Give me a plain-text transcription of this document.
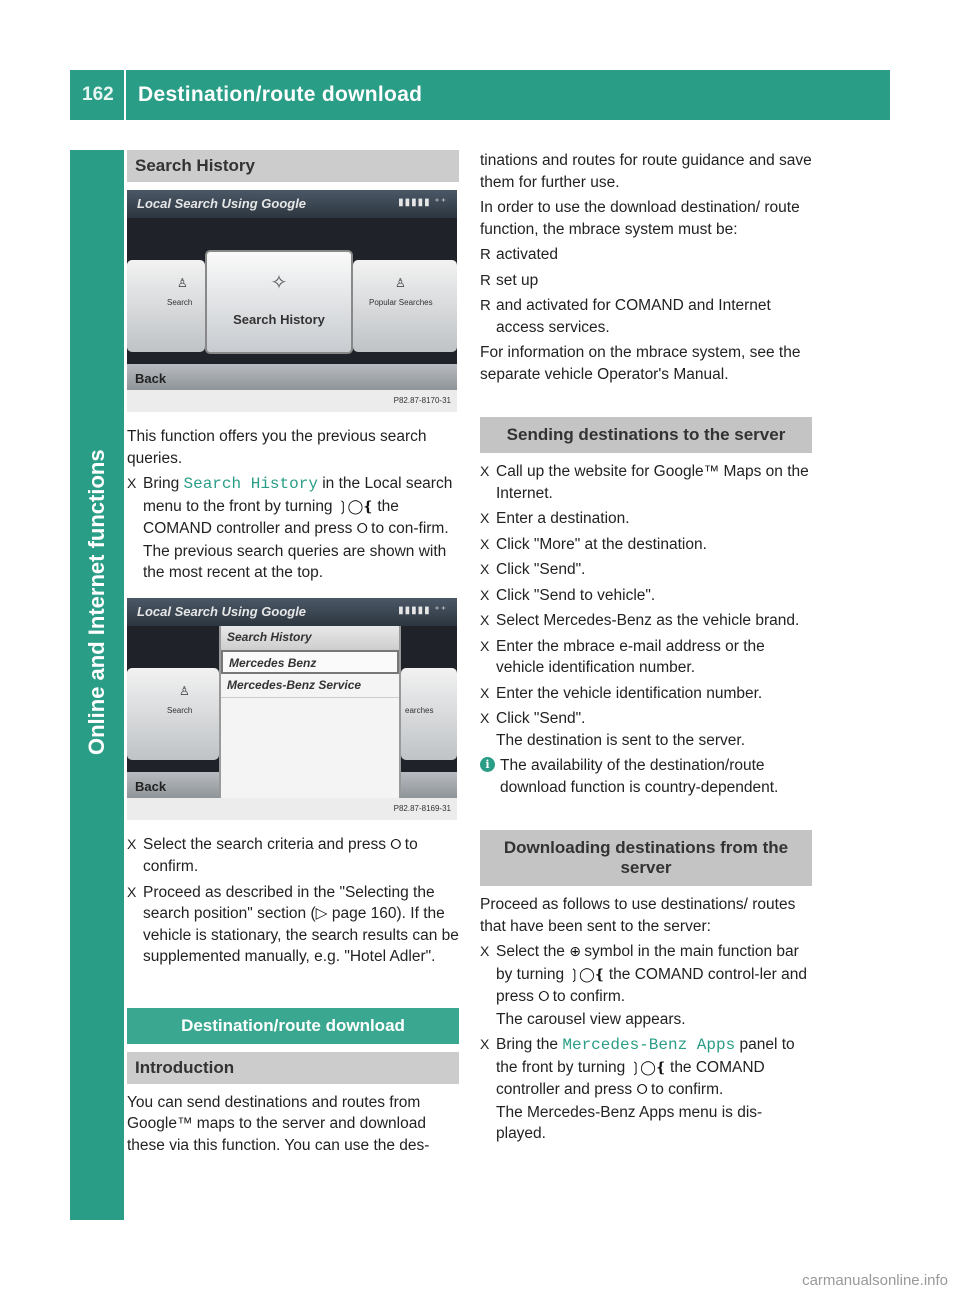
162	Destination/route download
Online and Internet functions
Search History
Local Search Using Google	▮▮▮▮▮ ⁺⁺
♙
Search
♙
Popular Searches
✧
Search History
Back
P82.87-8170-31

This function offers you the previous search queries.

X Bring Search History in the Local search menu to the front by turning ❳◯❴ the COMAND controller and press ⭘ to con-firm.
The previous search queries are shown with the most recent at the top.
Local Search Using Google	▮▮▮▮▮ ⁺⁺
♙
Search	earches
Back
Search History
Mercedes Benz
Mercedes-Benz Service
P82.87-8169-31
X Select the search criteria and press ⭘ to confirm.
X Proceed as described in the "Selecting the search position" section (▷ page 160). If the vehicle is stationary, the search results can be supplemented manually, e.g. "Hotel Adler".
Destination/route download
Introduction

You can send destinations and routes from Google™ maps to the server and download these via this function. You can use the des-

tinations and routes for route guidance and save them for further use.

In order to use the download destination/ route function, the mbrace system must be:

R activated
R set up
R and activated for COMAND and Internet access services.

For information on the mbrace system, see the separate vehicle Operator's Manual.

Sending destinations to the server
X Call up the website for Google™ Maps on the Internet.
X Enter a destination.
X Click "More" at the destination.
X Click "Send".
X Click "Send to vehicle".
X Select Mercedes-Benz as the vehicle brand.
X Enter the mbrace e-mail address or the vehicle identification number.
X Enter the vehicle identification number.
X Click "Send".
The destination is sent to the server.
i The availability of the destination/route download function is country-dependent.
Downloading destinations from the server

Proceed as follows to use destinations/ routes that have been sent to the server:

X Select the ⊕ symbol in the main function bar by turning ❳◯❴ the COMAND control-ler and press ⭘ to confirm.
The carousel view appears.
X Bring the Mercedes-Benz Apps panel to the front by turning ❳◯❴ the COMAND controller and press ⭘ to confirm.
The Mercedes-Benz Apps menu is dis-played.
carmanualsonline.info
